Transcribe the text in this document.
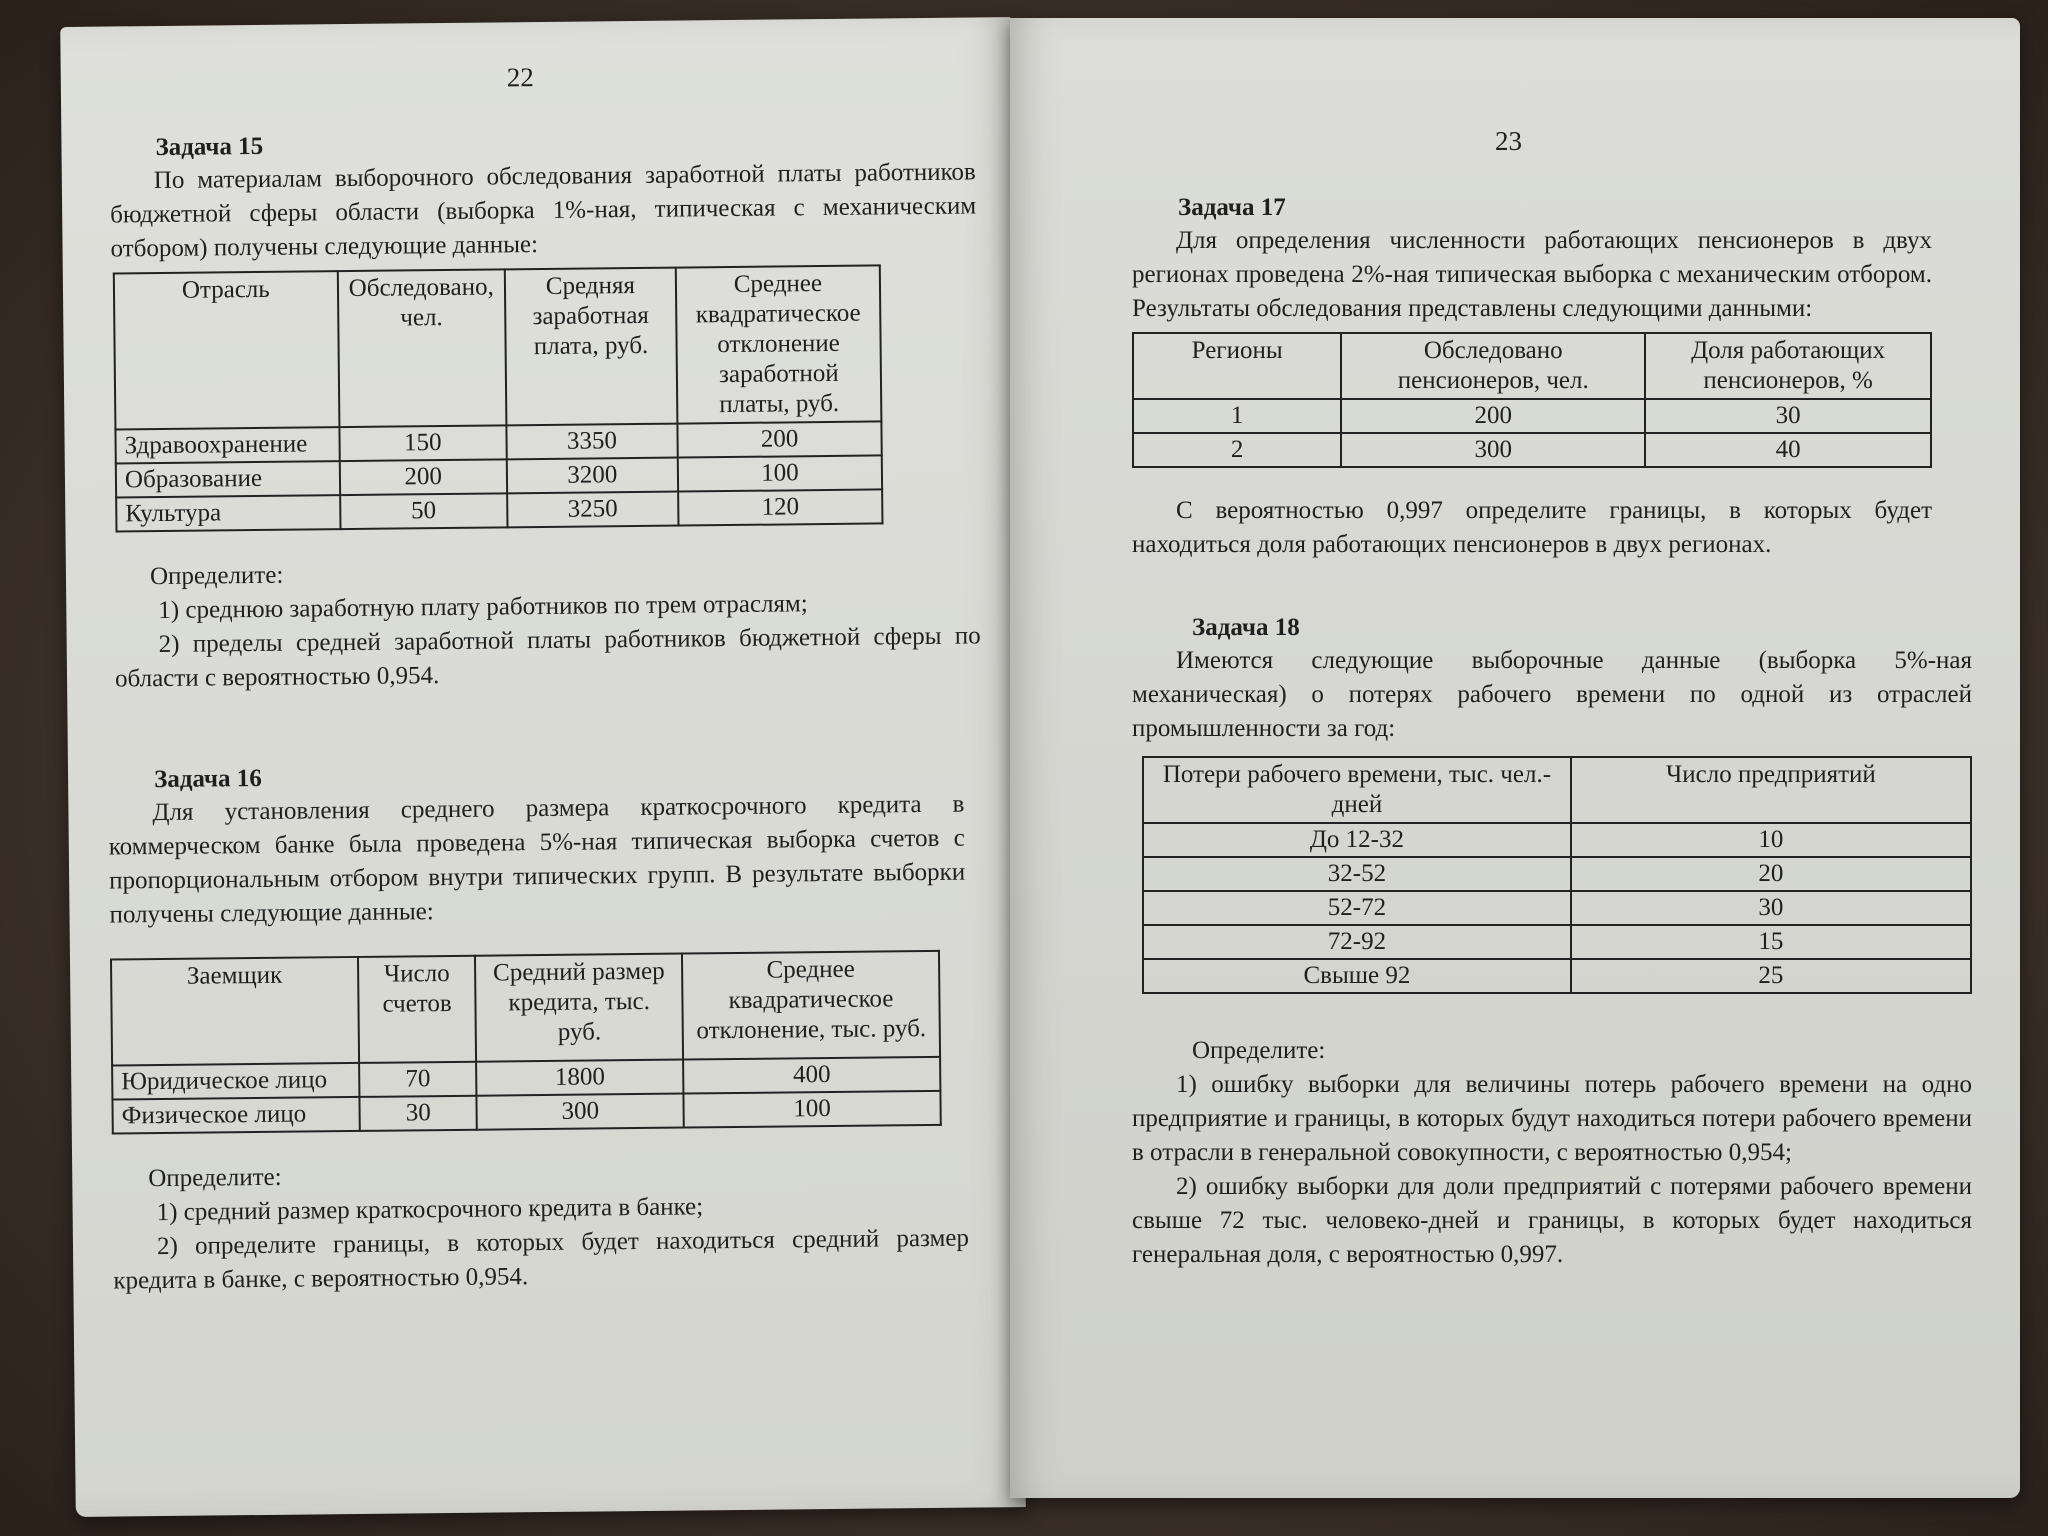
22
Задача 15
По материалам выборочного обследования заработной платы работников бюджетной сферы области (выборка 1%-ная, типическая с механическим отбором) получены следующие данные:
Отрасль	Обследовано, чел.	Средняя заработная плата, руб.	Среднее квадратическое отклонение заработной платы, руб.
Здравоохранение	150	3350	200
Образование	200	3200	100
Культура	50	3250	120
Определите:
1) среднюю заработную плату работников по трем отраслям;
2) пределы средней заработной платы работников бюджетной сферы по области с вероятностью 0,954.
Задача 16
Для установления среднего размера краткосрочного кредита в коммерческом банке была проведена 5%-ная типическая выборка счетов с пропорциональным отбором внутри типических групп. В результате выборки получены следующие данные:
Заемщик	Число счетов	Средний размер кредита, тыс. руб.	Среднее квадратическое отклонение, тыс. руб.
Юридическое лицо	70	1800	400
Физическое лицо	30	300	100
Определите:
1) средний размер краткосрочного кредита в банке;
2) определите границы, в которых будет находиться средний размер кредита в банке, с вероятностью 0,954.
23
Задача 17
Для определения численности работающих пенсионеров в двух регионах проведена 2%-ная типическая выборка с механическим отбором. Результаты обследования представлены следующими данными:
Регионы	Обследовано пенсионеров, чел.	Доля работающих пенсионеров, %
1	200	30
2	300	40
С вероятностью 0,997 определите границы, в которых будет находиться доля работающих пенсионеров в двух регионах.
Задача 18
Имеются следующие выборочные данные (выборка 5%-ная механическая) о потерях рабочего времени по одной из отраслей промышленности за год:
Потери рабочего времени, тыс. чел.-дней	Число предприятий
До 12-32	10
32-52	20
52-72	30
72-92	15
Свыше 92	25
Определите:
1) ошибку выборки для величины потерь рабочего времени на одно предприятие и границы, в которых будут находиться потери рабочего времени в отрасли в генеральной совокупности, с вероятностью 0,954;
2) ошибку выборки для доли предприятий с потерями рабочего времени свыше 72 тыс. человеко-дней и границы, в которых будет находиться генеральная доля, с вероятностью 0,997.
